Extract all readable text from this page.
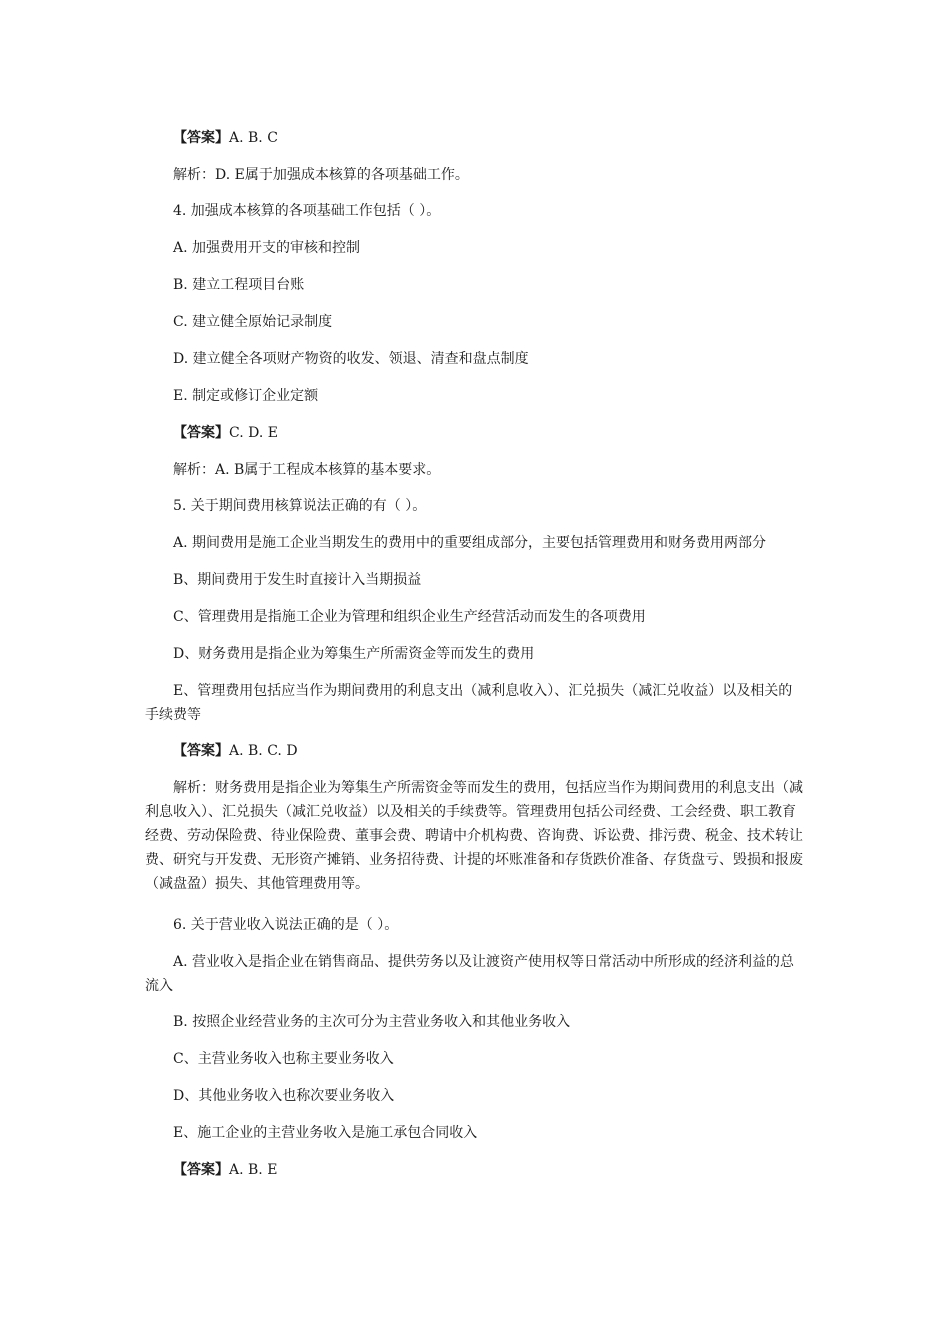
【答案】A. B. C
解析：D. E属于加强成本核算的各项基础工作。
4. 加强成本核算的各项基础工作包括（ ）。
A. 加强费用开支的审核和控制
B. 建立工程项目台账
C. 建立健全原始记录制度
D. 建立健全各项财产物资的收发、领退、清查和盘点制度
E. 制定或修订企业定额
【答案】C. D. E
解析：A. B属于工程成本核算的基本要求。
5. 关于期间费用核算说法正确的有（ ）。
A. 期间费用是施工企业当期发生的费用中的重要组成部分，主要包括管理费用和财务费用两部分
B、期间费用于发生时直接计入当期损益
C、管理费用是指施工企业为管理和组织企业生产经营活动而发生的各项费用
D、财务费用是指企业为筹集生产所需资金等而发生的费用
E、管理费用包括应当作为期间费用的利息支出（减利息收入）、汇兑损失（减汇兑收益）以及相关的手续费等
【答案】A. B. C. D
解析：财务费用是指企业为筹集生产所需资金等而发生的费用，包括应当作为期间费用的利息支出（减利息收入）、汇兑损失（减汇兑收益）以及相关的手续费等。管理费用包括公司经费、工会经费、职工教育经费、劳动保险费、待业保险费、董事会费、聘请中介机构费、咨询费、诉讼费、排污费、税金、技术转让费、研究与开发费、无形资产摊销、业务招待费、计提的坏账准备和存货跌价准备、存货盘亏、毁损和报废（减盘盈）损失、其他管理费用等。
6. 关于营业收入说法正确的是（ ）。
A. 营业收入是指企业在销售商品、提供劳务以及让渡资产使用权等日常活动中所形成的经济利益的总流入
B. 按照企业经营业务的主次可分为主营业务收入和其他业务收入
C、主营业务收入也称主要业务收入
D、其他业务收入也称次要业务收入
E、施工企业的主营业务收入是施工承包合同收入
【答案】A. B. E
